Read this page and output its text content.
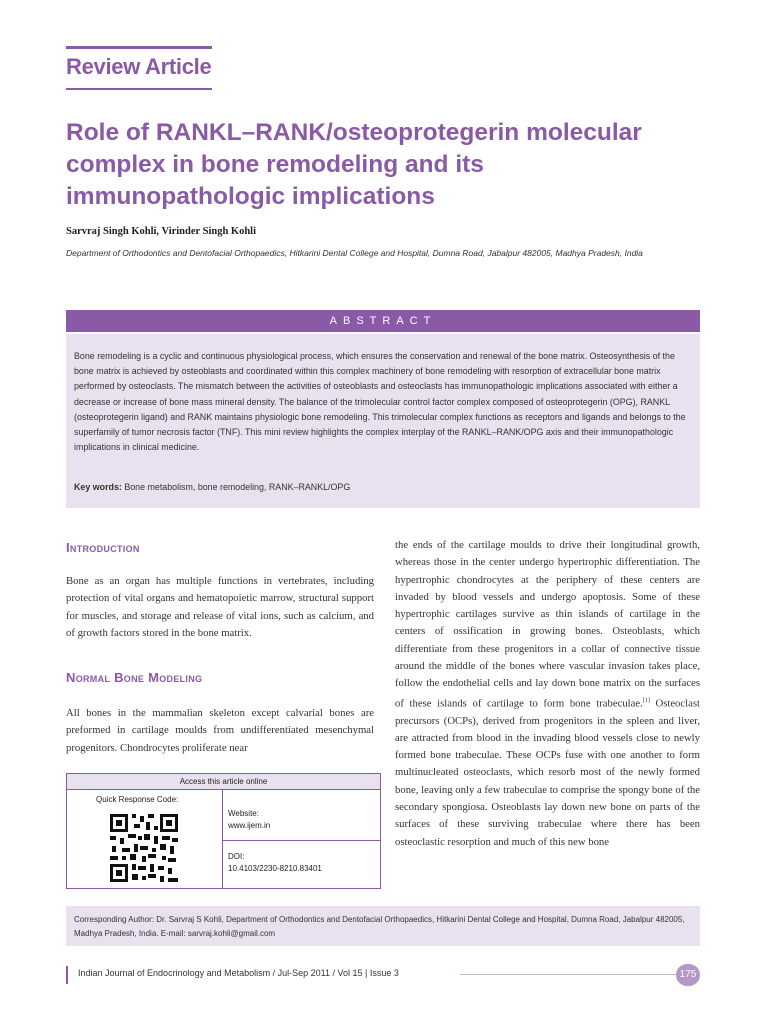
Review Article
Role of RANKL–RANK/osteoprotegerin molecular complex in bone remodeling and its immunopathologic implications
Sarvraj Singh Kohli, Virinder Singh Kohli
Department of Orthodontics and Dentofacial Orthopaedics, Hitkarini Dental College and Hospital, Dumna Road, Jabalpur 482005, Madhya Pradesh, India
ABSTRACT
Bone remodeling is a cyclic and continuous physiological process, which ensures the conservation and renewal of the bone matrix. Osteosynthesis of the bone matrix is achieved by osteoblasts and coordinated within this complex machinery of bone remodeling with resorption of extracellular bone matrix performed by osteoclasts. The mismatch between the activities of osteoblasts and osteoclasts has immunopathologic implications associated with either a decrease or increase of bone mass mineral density. The balance of the trimolecular control factor complex composed of osteoprotegerin (OPG), RANKL (osteoprotegerin ligand) and RANK maintains physiologic bone remodeling. This trimolecular complex functions as receptors and ligands and belongs to the superfamily of tumor necrosis factor (TNF). This mini review highlights the complex interplay of the RANKL–RANK/OPG axis and their immunopathologic implications in clinical medicine.
Key words: Bone metabolism, bone remodeling, RANK–RANKL/OPG
Introduction
Bone as an organ has multiple functions in vertebrates, including protection of vital organs and hematopoietic marrow, structural support for muscles, and storage and release of vital ions, such as calcium, and of growth factors stored in the bone matrix.
Normal Bone Modeling
All bones in the mammalian skeleton except calvarial bones are preformed in cartilage moulds from undifferentiated mesenchymal progenitors. Chondrocytes proliferate near
Access this article online
Quick Response Code:
Website:
www.ijem.in
DOI:
10.4103/2230-8210.83401
the ends of the cartilage moulds to drive their longitudinal growth, whereas those in the center undergo hypertrophic differentiation. The hypertrophic chondrocytes at the periphery of these centers are invaded by blood vessels and undergo apoptosis. Some of these hypertrophic cartilages survive as thin islands of cartilage in the centers of ossification in growing bones. Osteoblasts, which differentiate from these progenitors in a collar of connective tissue around the middle of the bones where vascular invasion takes place, follow the endothelial cells and lay down bone matrix on the surfaces of these islands of cartilage to form bone trabeculae.[1] Osteoclast precursors (OCPs), derived from progenitors in the spleen and liver, are attracted from blood in the invading blood vessels close to newly formed bone trabeculae. These OCPs fuse with one another to form multinucleated osteoclasts, which resorb most of the newly formed bone, leaving only a few trabeculae to comprise the spongy bone of the secondary spongiosa. Osteoblasts lay down new bone on parts of the surfaces of these surviving trabeculae where there has been osteoclastic resorption and much of this new bone
Corresponding Author: Dr. Sarvraj S Kohli, Department of Orthodontics and Dentofacial Orthopaedics, Hitkarini Dental College and Hospital, Dumna Road, Jabalpur 482005, Madhya Pradesh, India. E-mail: sarvraj.kohli@gmail.com
Indian Journal of Endocrinology and Metabolism / Jul-Sep 2011 / Vol 15 | Issue 3	175
